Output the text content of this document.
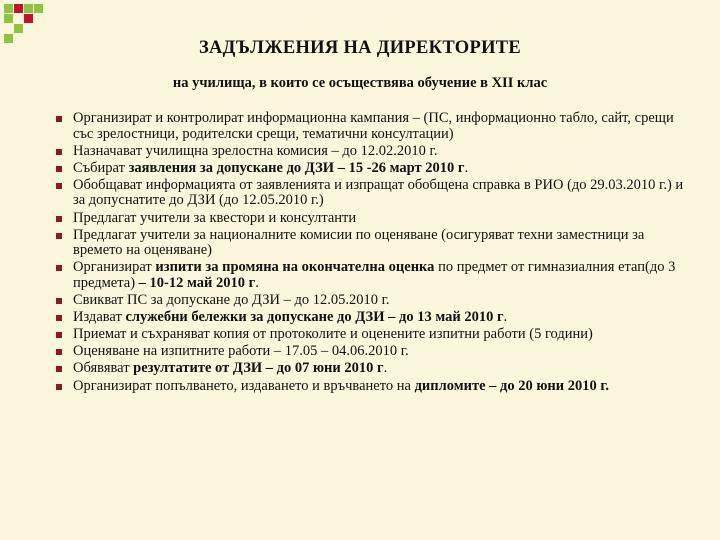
ЗАДЪЛЖЕНИЯ НА ДИРЕКТОРИТЕ

на училища, в които се осъществява обучение в XII клас

Организират и контролират информационна кампания – (ПС, информационно табло, сайт, срещи със зрелостници, родителски срещи, тематични консултации)
Назначават училищна зрелостна комисия – до 12.02.2010 г.
Събират заявления за допускане до ДЗИ – 15 -26 март 2010 г.
Обобщават информацията от заявленията и изпращат обобщена справка в РИО (до 29.03.2010 г.) и за допуснатите до ДЗИ (до 12.05.2010 г.)
Предлагат учители за квестори и консултанти
Предлагат учители за националните комисии по оценяване (осигуряват техни заместници за времето на оценяване)
Организират изпити за промяна на окончателна оценка по предмет от гимназиалния етап(до 3 предмета) – 10-12 май 2010 г.
Свикват ПС за допускане до ДЗИ – до 12.05.2010 г.
Издават служебни бележки за допускане до ДЗИ – до 13 май 2010 г.
Приемат и съхраняват копия от протоколите и оценените изпитни работи (5 години)
Оценяване на изпитните работи – 17.05 – 04.06.2010 г.
Обявяват резултатите от ДЗИ – до 07 юни 2010 г.
Организират попълването, издаването и връчването на дипломите – до 20 юни 2010 г.
